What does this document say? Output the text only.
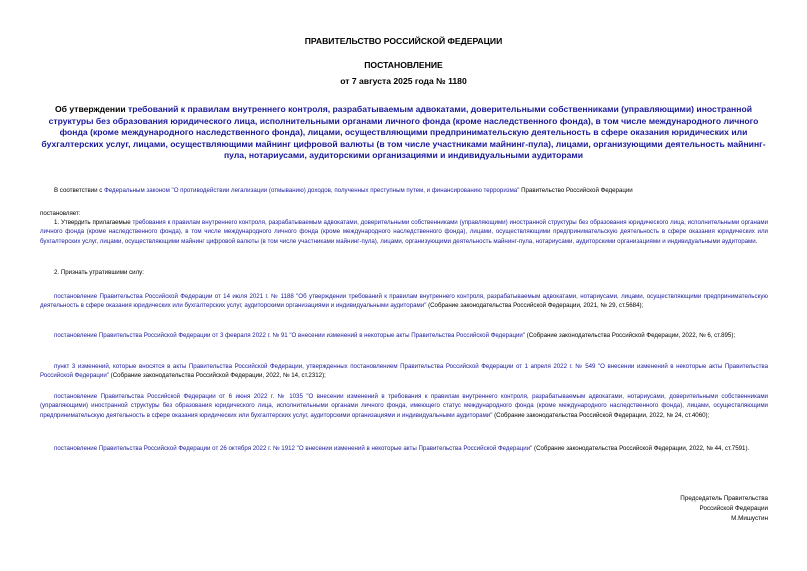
ПРАВИТЕЛЬСТВО РОССИЙСКОЙ ФЕДЕРАЦИИ
ПОСТАНОВЛЕНИЕ
от 7 августа 2025 года № 1180
Об утверждении требований к правилам внутреннего контроля, разрабатываемым адвокатами, доверительными собственниками (управляющими) иностранной структуры без образования юридического лица, исполнительными органами личного фонда (кроме наследственного фонда), в том числе международного личного фонда (кроме международного наследственного фонда), лицами, осуществляющими предпринимательскую деятельность в сфере оказания юридических или бухгалтерских услуг, лицами, осуществляющими майнинг цифровой валюты (в том числе участниками майнинг-пула), лицами, организующими деятельность майнинг-пула, нотариусами, аудиторскими организациями и индивидуальными аудиторами
В соответствии с Федеральным законом "О противодействии легализации (отмыванию) доходов, полученных преступным путем, и финансированию терроризма" Правительство Российской Федерации
постановляет:
1. Утвердить прилагаемые требования к правилам внутреннего контроля, разрабатываемым адвокатами, доверительными собственниками (управляющими) иностранной структуры без образования юридического лица, исполнительными органами личного фонда (кроме наследственного фонда), в том числе международного личного фонда (кроме международного наследственного фонда), лицами, осуществляющими предпринимательскую деятельность в сфере оказания юридических или бухгалтерских услуг, лицами, осуществляющими майнинг цифровой валюты (в том числе участниками майнинг-пула), лицами, организующими деятельность майнинг-пула, нотариусами, аудиторскими организациями и индивидуальными аудиторами.
2. Признать утратившими силу:
постановление Правительства Российской Федерации от 14 июля 2021 г. № 1188 "Об утверждении требований к правилам внутреннего контроля, разрабатываемым адвокатами, нотариусами, лицами, осуществляющими предпринимательскую деятельность в сфере оказания юридических или бухгалтерских услуг, аудиторскими организациями и индивидуальными аудиторами" (Собрание законодательства Российской Федерации, 2021, № 29, ст.5684);
постановление Правительства Российской Федерации от 3 февраля 2022 г. № 91 "О внесении изменений в некоторые акты Правительства Российской Федерации" (Собрание законодательства Российской Федерации, 2022, № 6, ст.895);
пункт 3 изменений, которые вносятся в акты Правительства Российской Федерации, утвержденных постановлением Правительства Российской Федерации от 1 апреля 2022 г. № 549 "О внесении изменений в некоторые акты Правительства Российской Федерации" (Собрание законодательства Российской Федерации, 2022, № 14, ст.2312);
постановление Правительства Российской Федерации от 6 июня 2022 г. № 1035 "О внесении изменений в требования к правилам внутреннего контроля, разрабатываемым адвокатами, нотариусами, доверительными собственниками (управляющими) иностранной структуры без образования юридического лица, исполнительными органами личного фонда, имеющего статус международного фонда (кроме международного наследственного фонда), лицами, осуществляющими предпринимательскую деятельность в сфере оказания юридических или бухгалтерских услуг, аудиторскими организациями и индивидуальными аудиторами" (Собрание законодательства Российской Федерации, 2022, № 24, ст.4060);
постановление Правительства Российской Федерации от 26 октября 2022 г. № 1912 "О внесении изменений в некоторые акты Правительства Российской Федерации" (Собрание законодательства Российской Федерации, 2022, № 44, ст.7591).
Председатель Правительства
Российской Федерации
М.Мишустин
